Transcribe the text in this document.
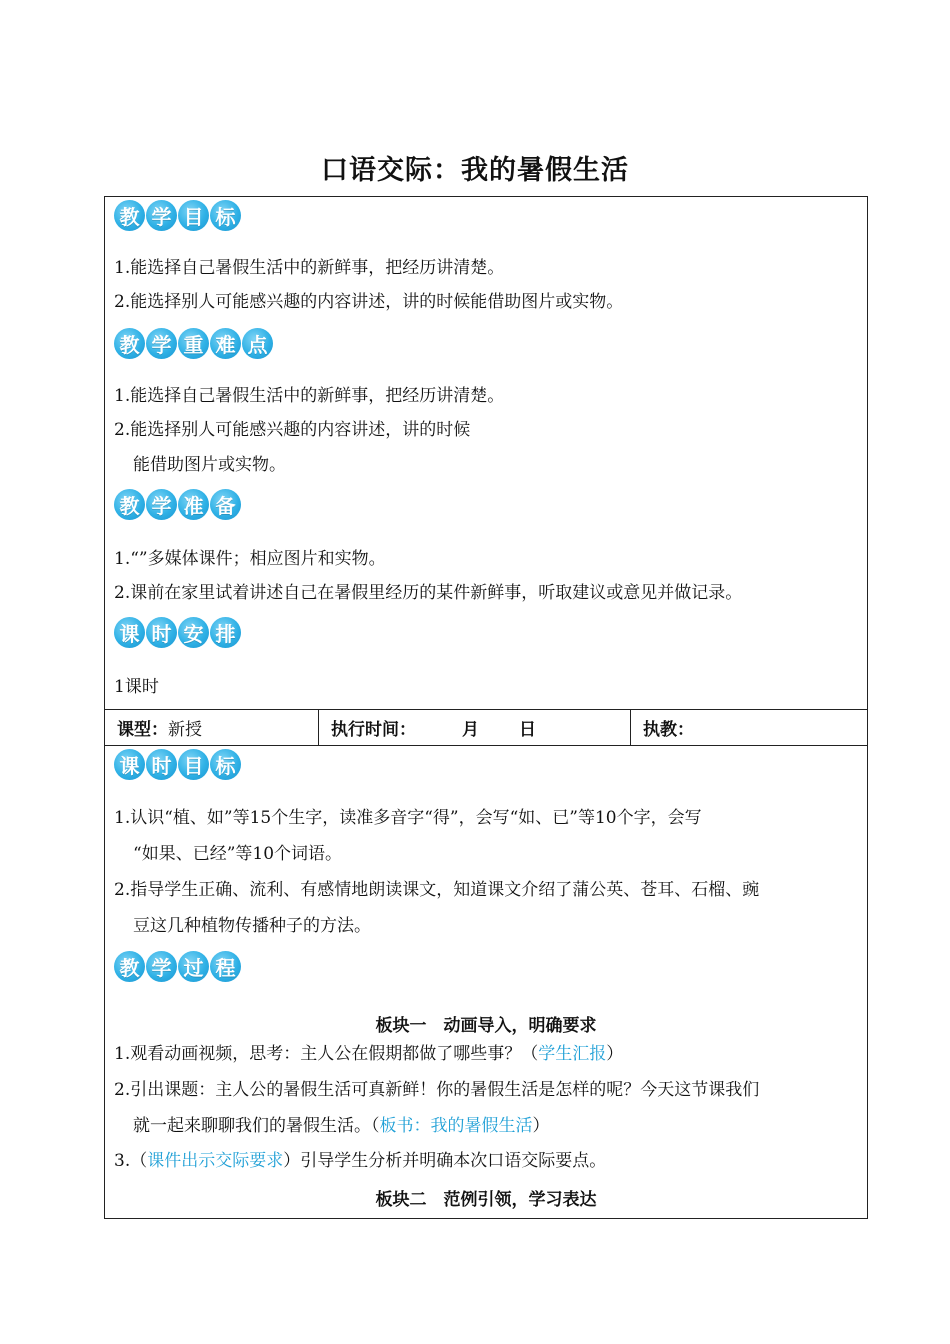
口语交际：我的暑假生活
教 学 目 标
1.能选择自己暑假生活中的新鲜事，把经历讲清楚。
2.能选择别人可能感兴趣的内容讲述，讲的时候能借助图片或实物。
教 学 重 难 点
1.能选择自己暑假生活中的新鲜事，把经历讲清楚。
2.能选择别人可能感兴趣的内容讲述，讲的时候
能借助图片或实物。
教 学 准 备
1.“”多媒体课件；相应图片和实物。
2.课前在家里试着讲述自己在暑假里经历的某件新鲜事，听取建议或意见并做记录。
课 时 安 排
1课时
课型： 新授	执行时间：	月 日	执教：
课 时 目 标
1.认识“植、如”等15个生字，读准多音字“得”，会写“如、已”等10个字，会写
“如果、已经”等10个词语。
2.指导学生正确、流利、有感情地朗读课文，知道课文介绍了蒲公英、苍耳、石榴、豌
豆这几种植物传播种子的方法。
教 学 过 程
板块一　动画导入，明确要求
1.观看动画视频，思考：主人公在假期都做了哪些事？（学生汇报）
2.引出课题：主人公的暑假生活可真新鲜！你的暑假生活是怎样的呢？今天这节课我们
就一起来聊聊我们的暑假生活。（板书：我的暑假生活）
3.（课件出示交际要求）引导学生分析并明确本次口语交际要点。
板块二　范例引领，学习表达
